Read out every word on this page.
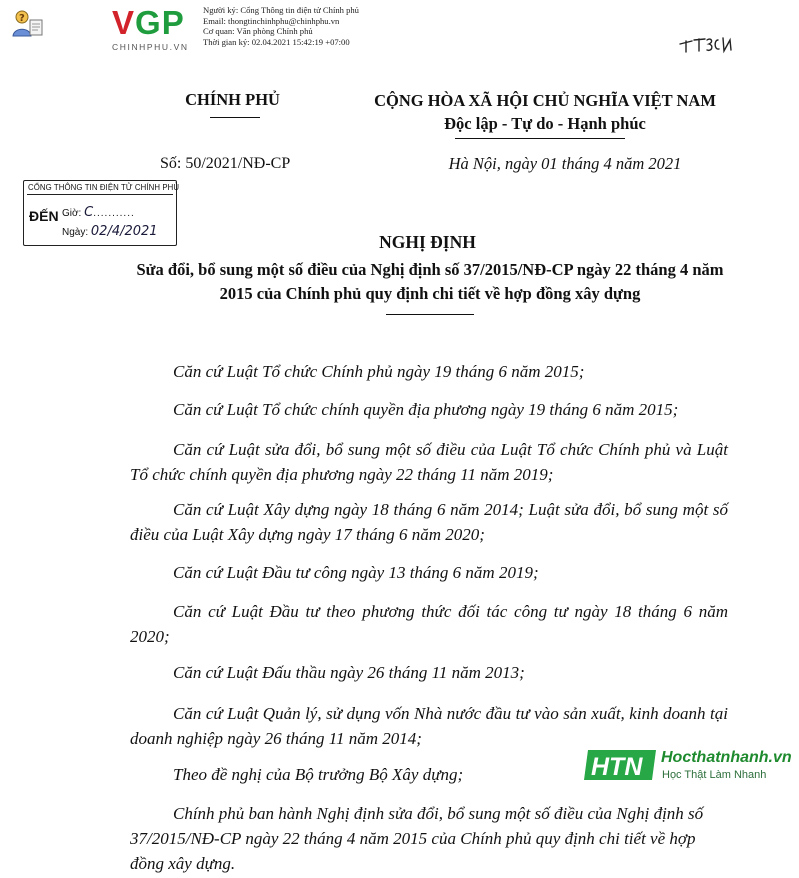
?	VGP
CHINHPHU.VN
Người ký: Cổng Thông tin điện tử Chính phủ
Email: thongtinchinhphu@chinhphu.vn
Cơ quan: Văn phòng Chính phủ
Thời gian ký: 02.04.2021 15:42:19 +07:00
CHÍNH PHỦ	CỘNG HÒA XÃ HỘI CHỦ NGHĨA VIỆT NAM
Độc lập - Tự do - Hạnh phúc
Số: 50/2021/NĐ-CP	Hà Nội, ngày 01 tháng 4 năm 2021
CỔNG THÔNG TIN ĐIỆN TỬ CHÍNH PHỦ
ĐẾN Giờ: C...........
Ngày: 02/4/2021
NGHỊ ĐỊNH
Sửa đổi, bổ sung một số điều của Nghị định số 37/2015/NĐ-CP ngày 22 tháng 4 năm 2015 của Chính phủ quy định chi tiết về hợp đồng xây dựng
Căn cứ Luật Tổ chức Chính phủ ngày 19 tháng 6 năm 2015;
Căn cứ Luật Tổ chức chính quyền địa phương ngày 19 tháng 6 năm 2015;
Căn cứ Luật sửa đổi, bổ sung một số điều của Luật Tổ chức Chính phủ và Luật Tổ chức chính quyền địa phương ngày 22 tháng 11 năm 2019;
Căn cứ Luật Xây dựng ngày 18 tháng 6 năm 2014; Luật sửa đổi, bổ sung một số điều của Luật Xây dựng ngày 17 tháng 6 năm 2020;
Căn cứ Luật Đầu tư công ngày 13 tháng 6 năm 2019;
Căn cứ Luật Đầu tư theo phương thức đối tác công tư ngày 18 tháng 6 năm 2020;
Căn cứ Luật Đấu thầu ngày 26 tháng 11 năm 2013;
Căn cứ Luật Quản lý, sử dụng vốn Nhà nước đầu tư vào sản xuất, kinh doanh tại doanh nghiệp ngày 26 tháng 11 năm 2014;
Theo đề nghị của Bộ trưởng Bộ Xây dựng;
Chính phủ ban hành Nghị định sửa đổi, bổ sung một số điều của Nghị định số 37/2015/NĐ-CP ngày 22 tháng 4 năm 2015 của Chính phủ quy định chi tiết về hợp đồng xây dựng.
HTN Hocthatnhanh.vn
Học Thật Làm Nhanh
